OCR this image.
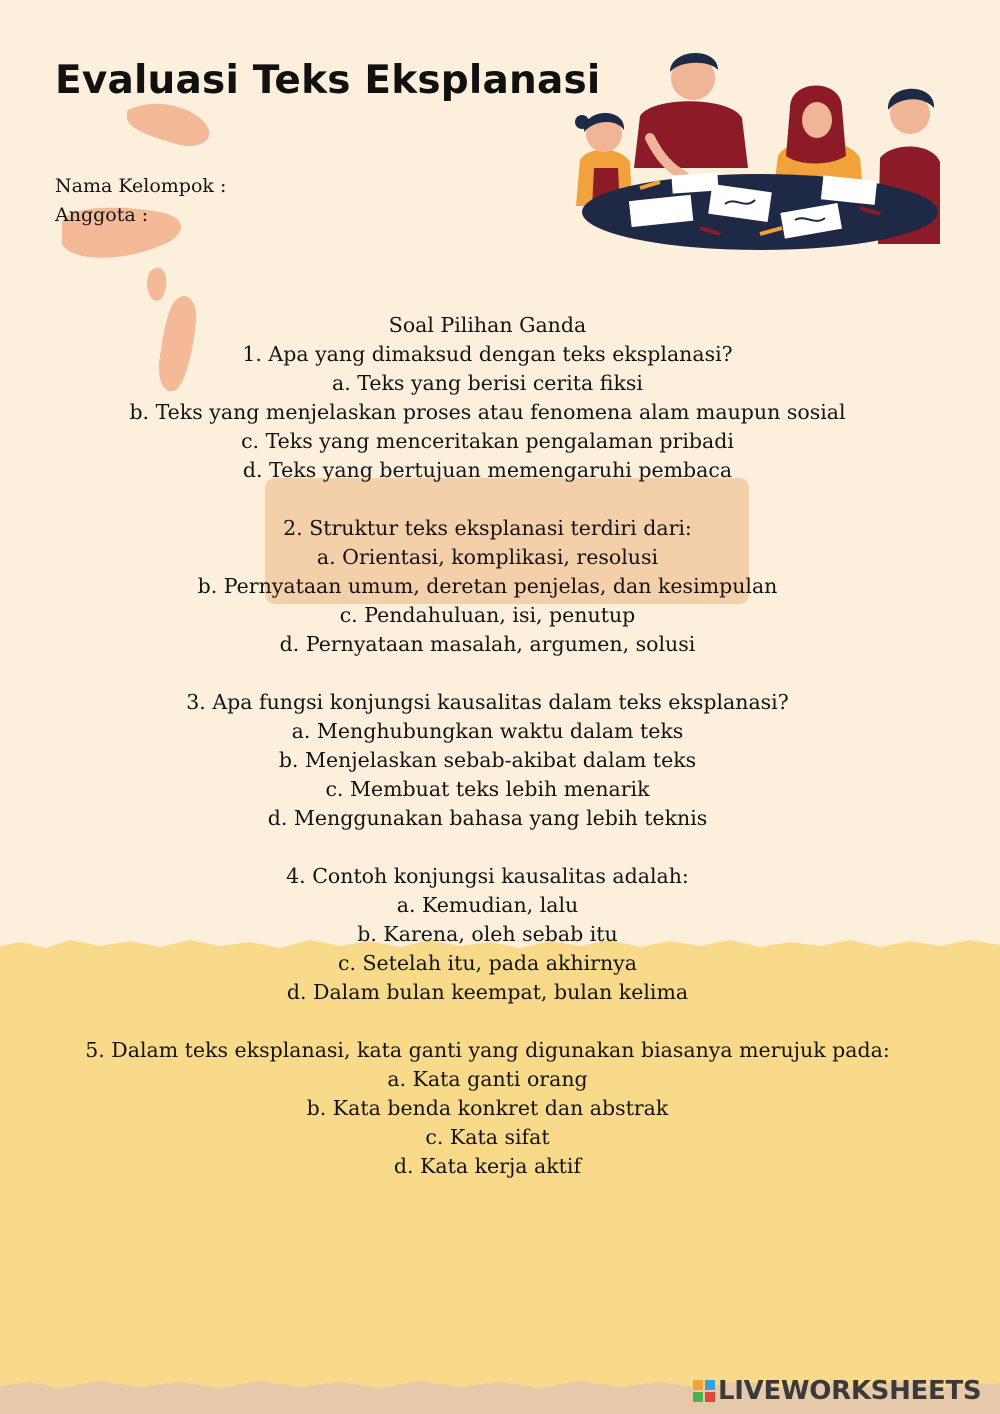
Evaluasi Teks Eksplanasi
Nama Kelompok :
Anggota :
Soal Pilihan Ganda
1. Apa yang dimaksud dengan teks eksplanasi?
a. Teks yang berisi cerita fiksi
b. Teks yang menjelaskan proses atau fenomena alam maupun sosial
c. Teks yang menceritakan pengalaman pribadi
d. Teks yang bertujuan memengaruhi pembaca
2. Struktur teks eksplanasi terdiri dari:
a. Orientasi, komplikasi, resolusi
b. Pernyataan umum, deretan penjelas, dan kesimpulan
c. Pendahuluan, isi, penutup
d. Pernyataan masalah, argumen, solusi
3. Apa fungsi konjungsi kausalitas dalam teks eksplanasi?
a. Menghubungkan waktu dalam teks
b. Menjelaskan sebab-akibat dalam teks
c. Membuat teks lebih menarik
d. Menggunakan bahasa yang lebih teknis
4. Contoh konjungsi kausalitas adalah:
a. Kemudian, lalu
b. Karena, oleh sebab itu
c. Setelah itu, pada akhirnya
d. Dalam bulan keempat, bulan kelima
5. Dalam teks eksplanasi, kata ganti yang digunakan biasanya merujuk pada:
a. Kata ganti orang
b. Kata benda konkret dan abstrak
c. Kata sifat
d. Kata kerja aktif
LIVEWORKSHEETS
